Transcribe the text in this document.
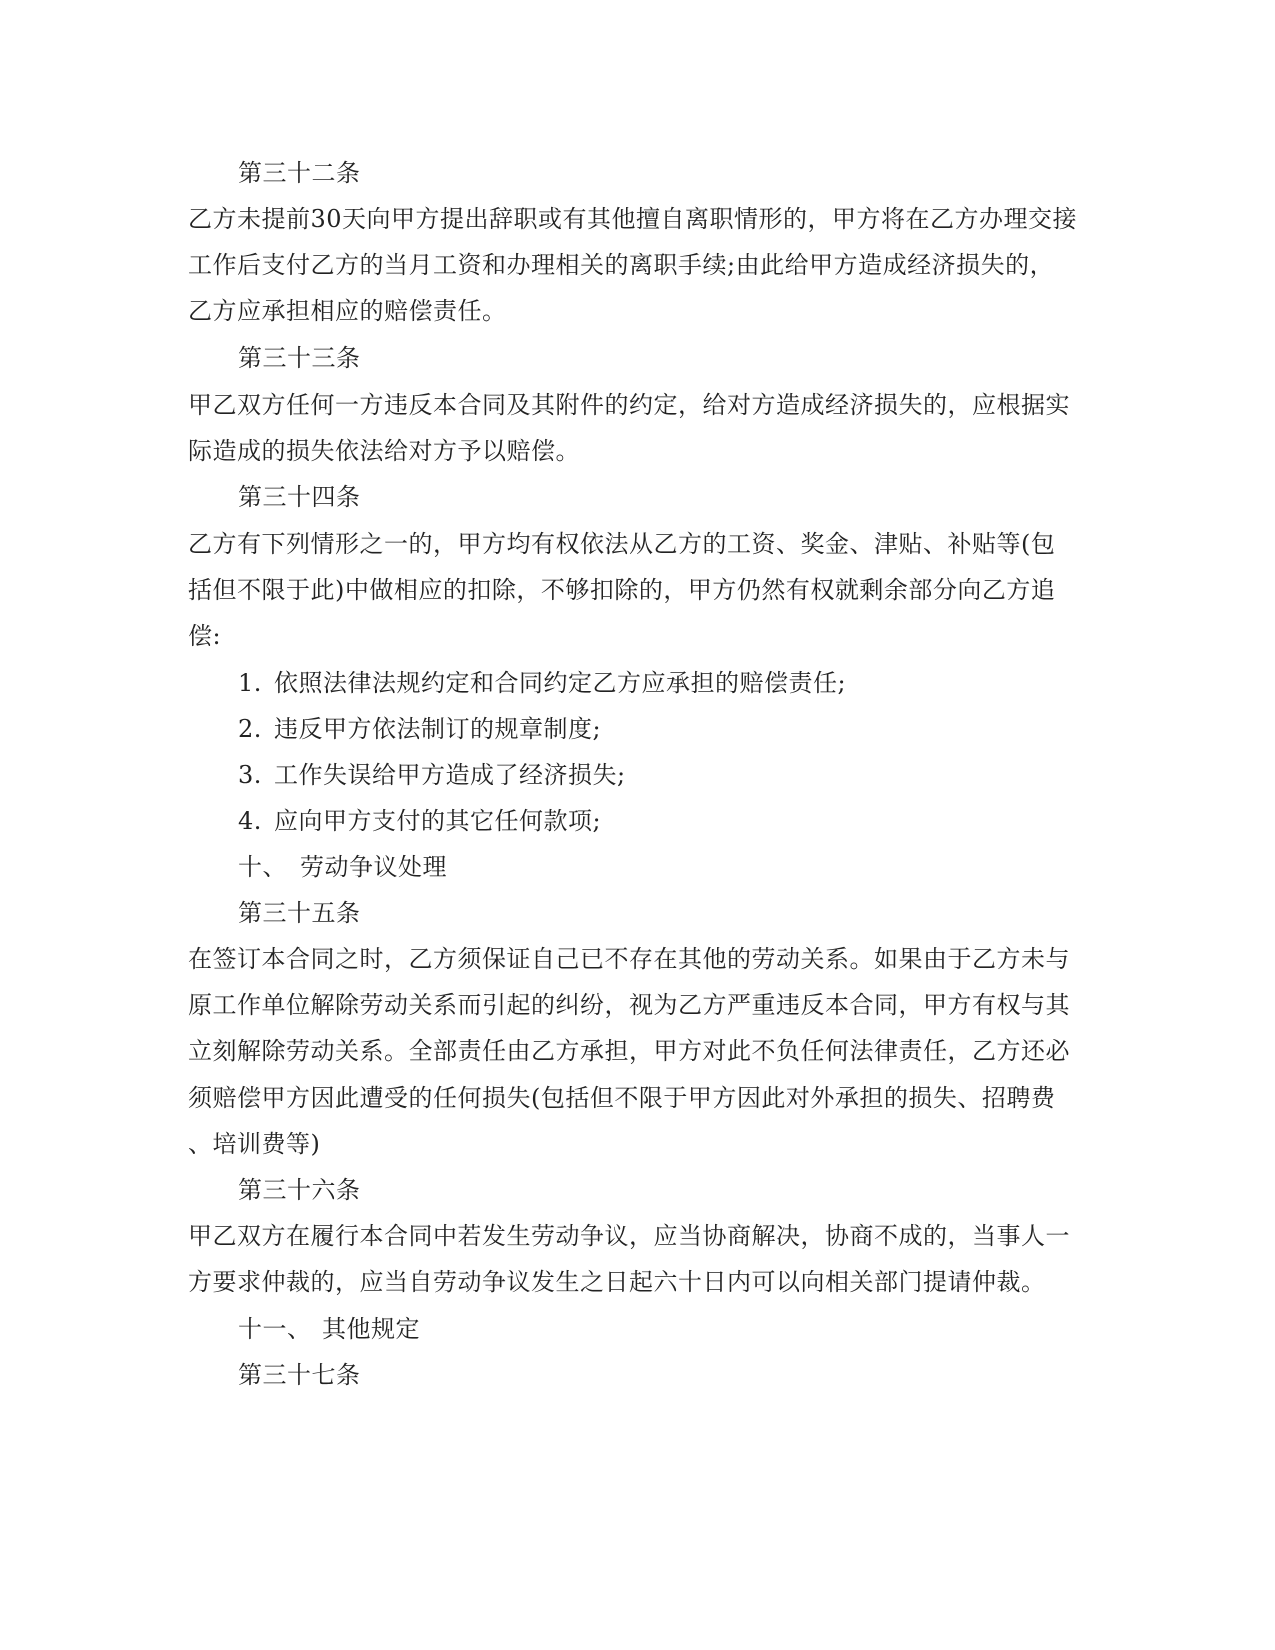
第三十二条
乙方未提前30天向甲方提出辞职或有其他擅自离职情形的，甲方将在乙方办理交接
工作后支付乙方的当月工资和办理相关的离职手续;由此给甲方造成经济损失的，
乙方应承担相应的赔偿责任。
第三十三条
甲乙双方任何一方违反本合同及其附件的约定，给对方造成经济损失的，应根据实
际造成的损失依法给对方予以赔偿。
第三十四条
乙方有下列情形之一的，甲方均有权依法从乙方的工资、奖金、津贴、补贴等(包
括但不限于此)中做相应的扣除，不够扣除的，甲方仍然有权就剩余部分向乙方追
偿:
1. 依照法律法规约定和合同约定乙方应承担的赔偿责任;
2. 违反甲方依法制订的规章制度;
3. 工作失误给甲方造成了经济损失;
4. 应向甲方支付的其它任何款项;
十、 劳动争议处理
第三十五条
在签订本合同之时，乙方须保证自己已不存在其他的劳动关系。如果由于乙方未与
原工作单位解除劳动关系而引起的纠纷，视为乙方严重违反本合同，甲方有权与其
立刻解除劳动关系。全部责任由乙方承担，甲方对此不负任何法律责任，乙方还必
须赔偿甲方因此遭受的任何损失(包括但不限于甲方因此对外承担的损失、招聘费
、培训费等)
第三十六条
甲乙双方在履行本合同中若发生劳动争议，应当协商解决，协商不成的，当事人一
方要求仲裁的，应当自劳动争议发生之日起六十日内可以向相关部门提请仲裁。
十一、 其他规定
第三十七条
